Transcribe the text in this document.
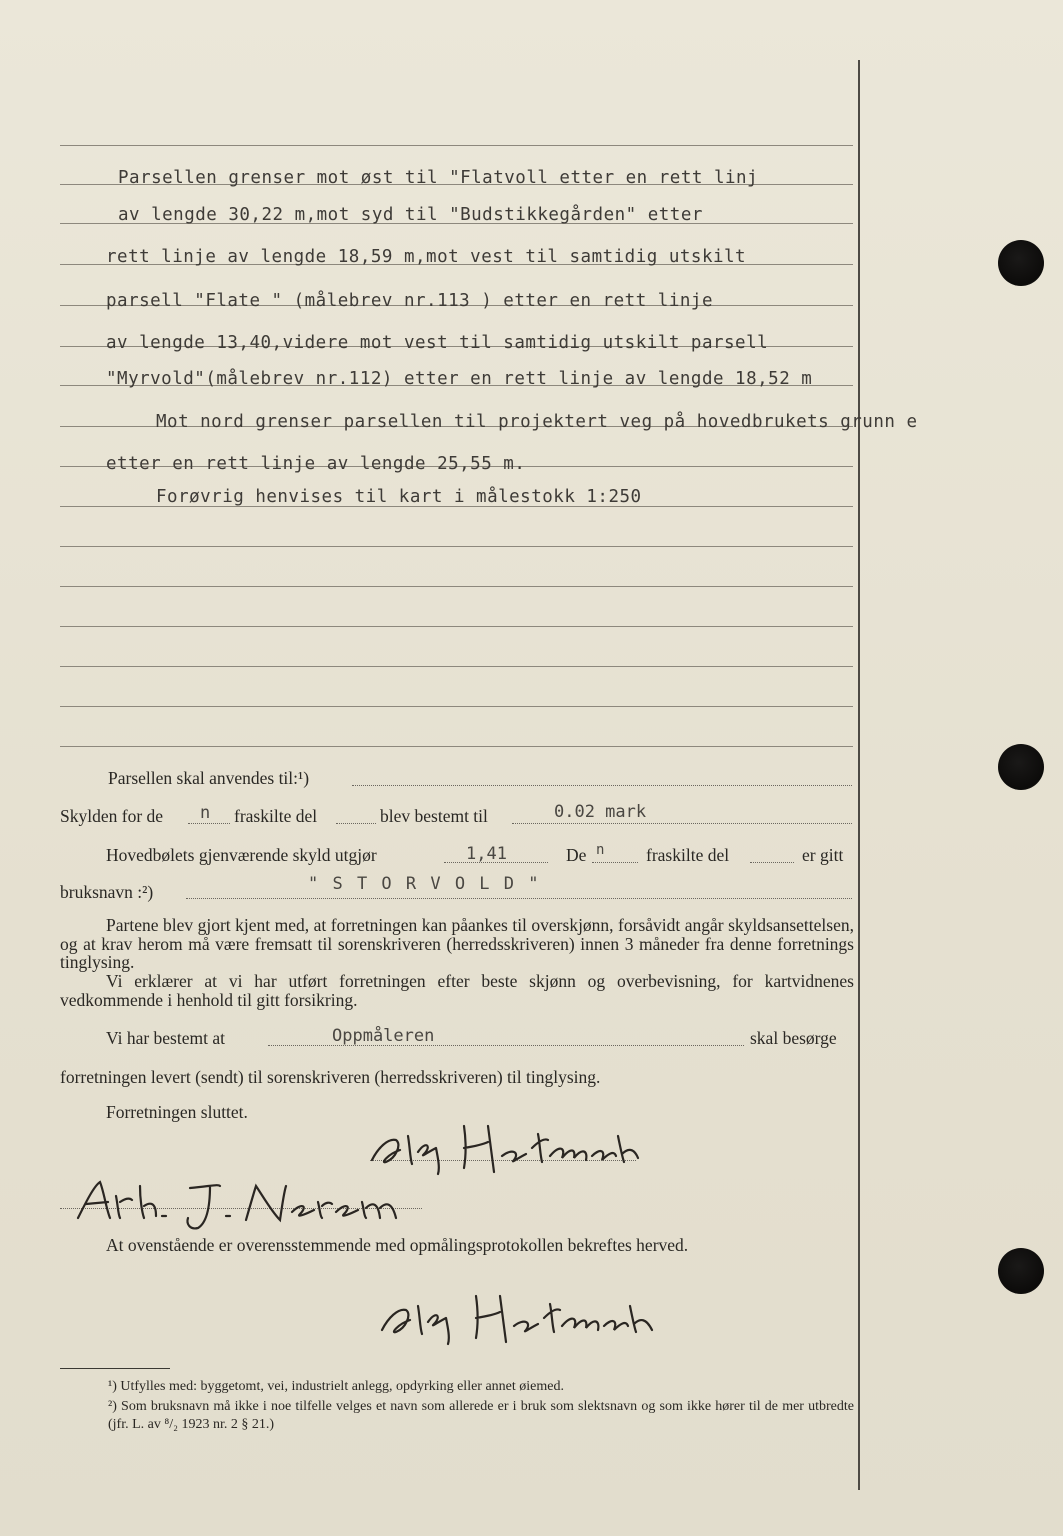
Parsellen grenser mot øst til "Flatvoll etter en rett linj
av lengde 30,22 m,mot syd til "Budstikkegården" etter
rett linje av lengde 18,59 m,mot vest til samtidig utskilt
parsell "Flate " (målebrev nr.113 ) etter en rett linje
av lengde 13,40,videre mot vest til samtidig utskilt parsell
"Myrvold"(målebrev nr.112) etter en rett linje av lengde 18,52 m
Mot nord grenser parsellen til projektert veg på hovedbrukets grunn e
etter en rett linje av lengde 25,55 m.
Forøvrig henvises til kart i målestokk 1:250
Parsellen skal anvendes til:¹)
Skylden for de n fraskilte del	blev bestemt til	0.02 mark
Hovedbølets gjenværende skyld utgjør	1,41	De n fraskilte del	er gitt
bruksnavn :²)	" S T O R V O L D "
Partene blev gjort kjent med, at forretningen kan påankes til overskjønn, forsåvidt angår skyldsansettelsen, og at krav herom må være fremsatt til sorenskriveren (herredsskriveren) innen 3 måneder fra denne forretnings tinglysing.
Vi erklærer at vi har utført forretningen efter beste skjønn og overbevisning, for kartvidnenes vedkommende i henhold til gitt forsikring.
Vi har bestemt at	Oppmåleren	skal besørge
forretningen levert (sendt) til sorenskriveren (herredsskriveren) til tinglysing.
Forretningen sluttet.
At ovenstående er overensstemmende med opmålingsprotokollen bekreftes herved.
¹) Utfylles med: byggetomt, vei, industrielt anlegg, opdyrking eller annet øiemed.
²) Som bruksnavn må ikke i noe tilfelle velges et navn som allerede er i bruk som slektsnavn og som ikke hører til de mer utbredte (jfr. L. av ⁸/₂ 1923 nr. 2 § 21.)
